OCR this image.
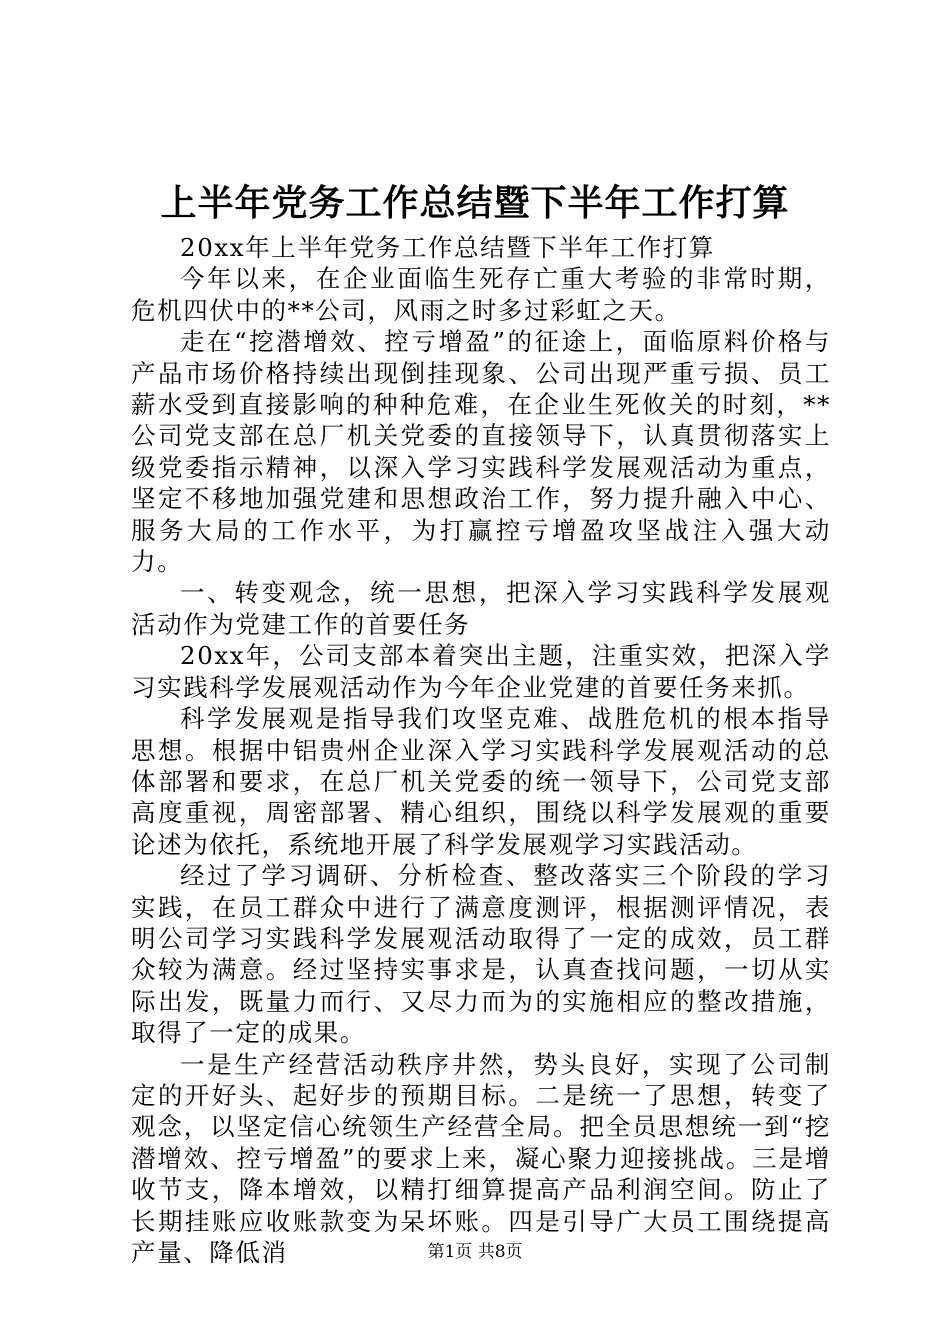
上半年党务工作总结暨下半年工作打算

20xx年上半年党务工作总结暨下半年工作打算

今年以来，在企业面临生死存亡重大考验的非常时期，危机四伏中的**公司，风雨之时多过彩虹之天。

走在“挖潜增效、控亏增盈”的征途上，面临原料价格与产品市场价格持续出现倒挂现象、公司出现严重亏损、员工薪水受到直接影响的种种危难，在企业生死攸关的时刻，**公司党支部在总厂机关党委的直接领导下，认真贯彻落实上级党委指示精神，以深入学习实践科学发展观活动为重点，坚定不移地加强党建和思想政治工作，努力提升融入中心、服务大局的工作水平，为打赢控亏增盈攻坚战注入强大动力。

一、转变观念，统一思想，把深入学习实践科学发展观活动作为党建工作的首要任务

20xx年，公司支部本着突出主题，注重实效，把深入学习实践科学发展观活动作为今年企业党建的首要任务来抓。

科学发展观是指导我们攻坚克难、战胜危机的根本指导思想。根据中铝贵州企业深入学习实践科学发展观活动的总体部署和要求，在总厂机关党委的统一领导下，公司党支部高度重视，周密部署、精心组织，围绕以科学发展观的重要论述为依托，系统地开展了科学发展观学习实践活动。

经过了学习调研、分析检查、整改落实三个阶段的学习实践，在员工群众中进行了满意度测评，根据测评情况，表明公司学习实践科学发展观活动取得了一定的成效，员工群众较为满意。经过坚持实事求是，认真查找问题，一切从实际出发，既量力而行、又尽力而为的实施相应的整改措施，取得了一定的成果。

一是生产经营活动秩序井然，势头良好，实现了公司制定的开好头、起好步的预期目标。二是统一了思想，转变了观念，以坚定信心统领生产经营全局。把全员思想统一到“挖潜增效、控亏增盈”的要求上来，凝心聚力迎接挑战。三是增收节支，降本增效，以精打细算提高产品利润空间。防止了长期挂账应收账款变为呆坏账。四是引导广大员工围绕提高产量、降低消	第1页 共8页
